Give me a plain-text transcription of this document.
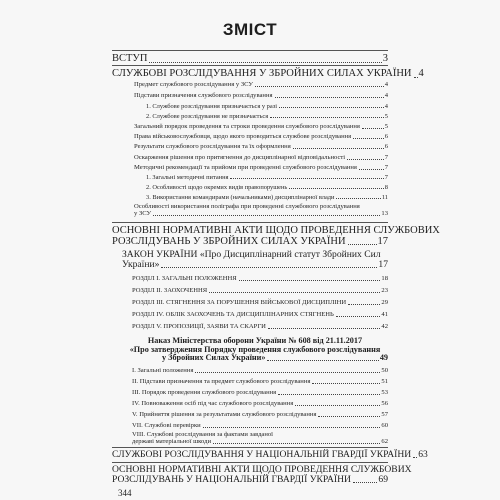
ЗМІСТ
ВСТУП	3
СЛУЖБОВІ РОЗСЛІДУВАННЯ У ЗБРОЙНИХ СИЛАХ УКРАЇНИ 4
Предмет службового розслідування у ЗСУ	4
Підстави призначення службового розслідування	4
1. Службове розслідування призначається у разі	4
2. Службове розслідування не призначається	5
Загальний порядок проведення та строки проведення службового розслідування	5
Права військовослужбовця, щодо якого проводиться службове розслідування	6
Результати службового розслідування та їх оформлення	6
Оскарження рішення про притягнення до дисциплінарної відповідальності	7
Методичні рекомендації та прийоми при проведенні службового розслідування	7
1. Загальні методичні питання	7
2. Особливості щодо окремих видів правопорушень	8
3. Використання командирами (начальниками) дисциплінарної влади	11
Особливості використання поліграфа при проведенні службового розслідування
у ЗСУ	13
ОСНОВНІ НОРМАТИВНІ АКТИ ЩОДО ПРОВЕДЕННЯ СЛУЖБОВИХ
РОЗСЛІДУВАНЬ У ЗБРОЙНИХ СИЛАХ УКРАЇНИ	17
ЗАКОН УКРАЇНИ «Про Дисциплінарний статут Збройних Сил
України»	17
РОЗДІЛ І. ЗАГАЛЬНІ ПОЛОЖЕННЯ	18
РОЗДІЛ ІІ. ЗАОХОЧЕННЯ	23
РОЗДІЛ ІІІ. СТЯГНЕННЯ ЗА ПОРУШЕННЯ ВІЙСЬКОВОЇ ДИСЦИПЛІНИ	29
РОЗДІЛ IV. ОБЛІК ЗАОХОЧЕНЬ ТА ДИСЦИПЛІНАРНИХ СТЯГНЕНЬ	41
РОЗДІЛ V. ПРОПОЗИЦІЇ, ЗАЯВИ ТА СКАРГИ	42
Наказ Міністерства оборони України № 608 від 21.11.2017
«Про затвердження Порядку проведення службового розслідування
у Збройних Силах України»	49
І. Загальні положення	50
ІІ. Підстави призначення та предмет службового розслідування	51
ІІІ. Порядок проведення службового розслідування	53
IV. Повноваження осіб під час службового розслідування	56
V. Прийняття рішення за результатами службового розслідування	57
VІІ. Службові перевірки	60
VІІІ. Службові розслідування за фактами завданої
державі матеріальної шкоди	62
СЛУЖБОВІ РОЗСЛІДУВАННЯ У НАЦІОНАЛЬНІЙ ГВАРДІЇ УКРАЇНИ 63
ОСНОВНІ НОРМАТИВНІ АКТИ ЩОДО ПРОВЕДЕННЯ СЛУЖБОВИХ
РОЗСЛІДУВАНЬ У НАЦІОНАЛЬНІЙ ГВАРДІЇ УКРАЇНИ	69
344
